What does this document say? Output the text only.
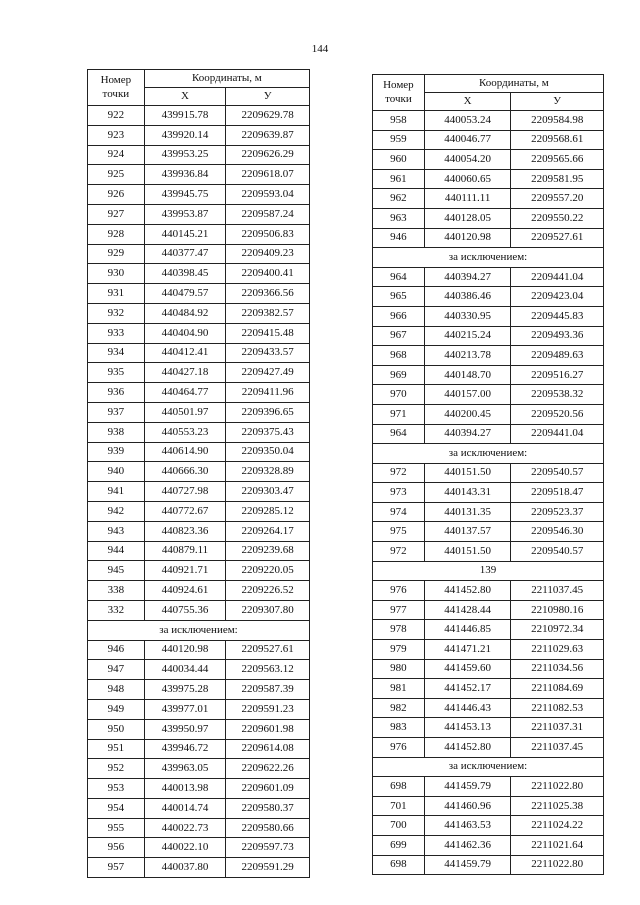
144
Номер точки	Координаты, м	
	X	У
922	439915.78	2209629.78
923	439920.14	2209639.87
924	439953.25	2209626.29
925	439936.84	2209618.07
926	439945.75	2209593.04
927	439953.87	2209587.24
928	440145.21	2209506.83
929	440377.47	2209409.23
930	440398.45	2209400.41
931	440479.57	2209366.56
932	440484.92	2209382.57
933	440404.90	2209415.48
934	440412.41	2209433.57
935	440427.18	2209427.49
936	440464.77	2209411.96
937	440501.97	2209396.65
938	440553.23	2209375.43
939	440614.90	2209350.04
940	440666.30	2209328.89
941	440727.98	2209303.47
942	440772.67	2209285.12
943	440823.36	2209264.17
944	440879.11	2209239.68
945	440921.71	2209220.05
338	440924.61	2209226.52
332	440755.36	2209307.80
за исключением:		
946	440120.98	2209527.61
947	440034.44	2209563.12
948	439975.28	2209587.39
949	439977.01	2209591.23
950	439950.97	2209601.98
951	439946.72	2209614.08
952	439963.05	2209622.26
953	440013.98	2209601.09
954	440014.74	2209580.37
955	440022.73	2209580.66
956	440022.10	2209597.73
957	440037.80	2209591.29
Номер точки	Координаты, м	
	X	У
958	440053.24	2209584.98
959	440046.77	2209568.61
960	440054.20	2209565.66
961	440060.65	2209581.95
962	440111.11	2209557.20
963	440128.05	2209550.22
946	440120.98	2209527.61
за исключением:		
964	440394.27	2209441.04
965	440386.46	2209423.04
966	440330.95	2209445.83
967	440215.24	2209493.36
968	440213.78	2209489.63
969	440148.70	2209516.27
970	440157.00	2209538.32
971	440200.45	2209520.56
964	440394.27	2209441.04
за исключением:		
972	440151.50	2209540.57
973	440143.31	2209518.47
974	440131.35	2209523.37
975	440137.57	2209546.30
972	440151.50	2209540.57
139		
976	441452.80	2211037.45
977	441428.44	2210980.16
978	441446.85	2210972.34
979	441471.21	2211029.63
980	441459.60	2211034.56
981	441452.17	2211084.69
982	441446.43	2211082.53
983	441453.13	2211037.31
976	441452.80	2211037.45
за исключением:		
698	441459.79	2211022.80
701	441460.96	2211025.38
700	441463.53	2211024.22
699	441462.36	2211021.64
698	441459.79	2211022.80
